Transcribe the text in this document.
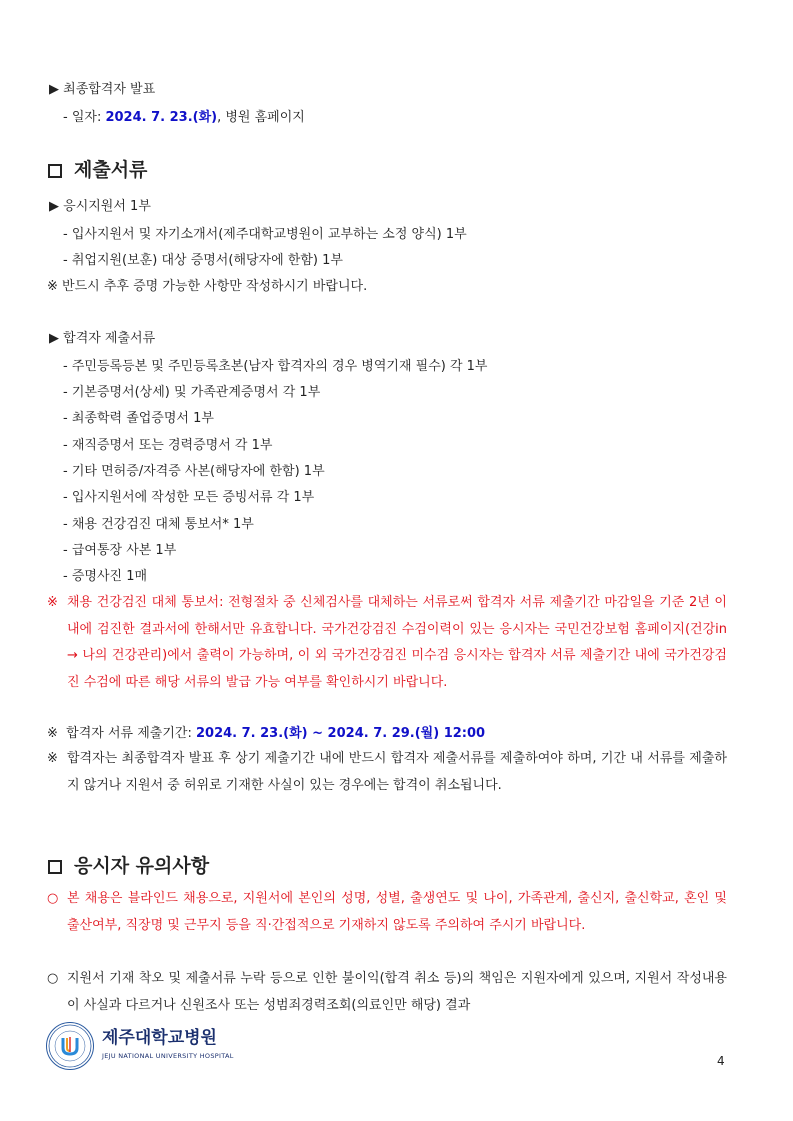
▶ 최종합격자 발표
- 일자: 2024. 7. 23.(화), 병원 홈페이지
제출서류
▶ 응시지원서 1부
- 입사지원서 및 자기소개서(제주대학교병원이 교부하는 소정 양식) 1부
- 취업지원(보훈) 대상 증명서(해당자에 한함) 1부
※ 반드시 추후 증명 가능한 사항만 작성하시기 바랍니다.
▶ 합격자 제출서류
- 주민등록등본 및 주민등록초본(남자 합격자의 경우 병역기재 필수) 각 1부
- 기본증명서(상세) 및 가족관계증명서 각 1부
- 최종학력 졸업증명서 1부
- 재직증명서 또는 경력증명서 각 1부
- 기타 면허증/자격증 사본(해당자에 한함) 1부
- 입사지원서에 작성한 모든 증빙서류 각 1부
- 채용 건강검진 대체 통보서* 1부
- 급여통장 사본 1부
- 증명사진 1매
※ 채용 건강검진 대체 통보서: 전형절차 중 신체검사를 대체하는 서류로써 합격자 서류 제출기간 마감일을 기준 2년 이내에 검진한 결과서에 한해서만 유효합니다. 국가건강검진 수검이력이 있는 응시자는 국민건강보험 홈페이지(건강in → 나의 건강관리)에서 출력이 가능하며, 이 외 국가건강검진 미수검 응시자는 합격자 서류 제출기간 내에 국가건강검진 수검에 따른 해당 서류의 발급 가능 여부를 확인하시기 바랍니다.
※ 합격자 서류 제출기간: 2024. 7. 23.(화) ~ 2024. 7. 29.(월) 12:00
※ 합격자는 최종합격자 발표 후 상기 제출기간 내에 반드시 합격자 제출서류를 제출하여야 하며, 기간 내 서류를 제출하지 않거나 지원서 중 허위로 기재한 사실이 있는 경우에는 합격이 취소됩니다.
응시자 유의사항
○ 본 채용은 블라인드 채용으로, 지원서에 본인의 성명, 성별, 출생연도 및 나이, 가족관계, 출신지, 출신학교, 혼인 및 출산여부, 직장명 및 근무지 등을 직·간접적으로 기재하지 않도록 주의하여 주시기 바랍니다.
○ 지원서 기재 착오 및 제출서류 누락 등으로 인한 불이익(합격 취소 등)의 책임은 지원자에게 있으며, 지원서 작성내용이 사실과 다르거나 신원조사 또는 성범죄경력조회(의료인만 해당) 결과
제주대학교병원
JEJU NATIONAL UNIVERSITY HOSPITAL	4
